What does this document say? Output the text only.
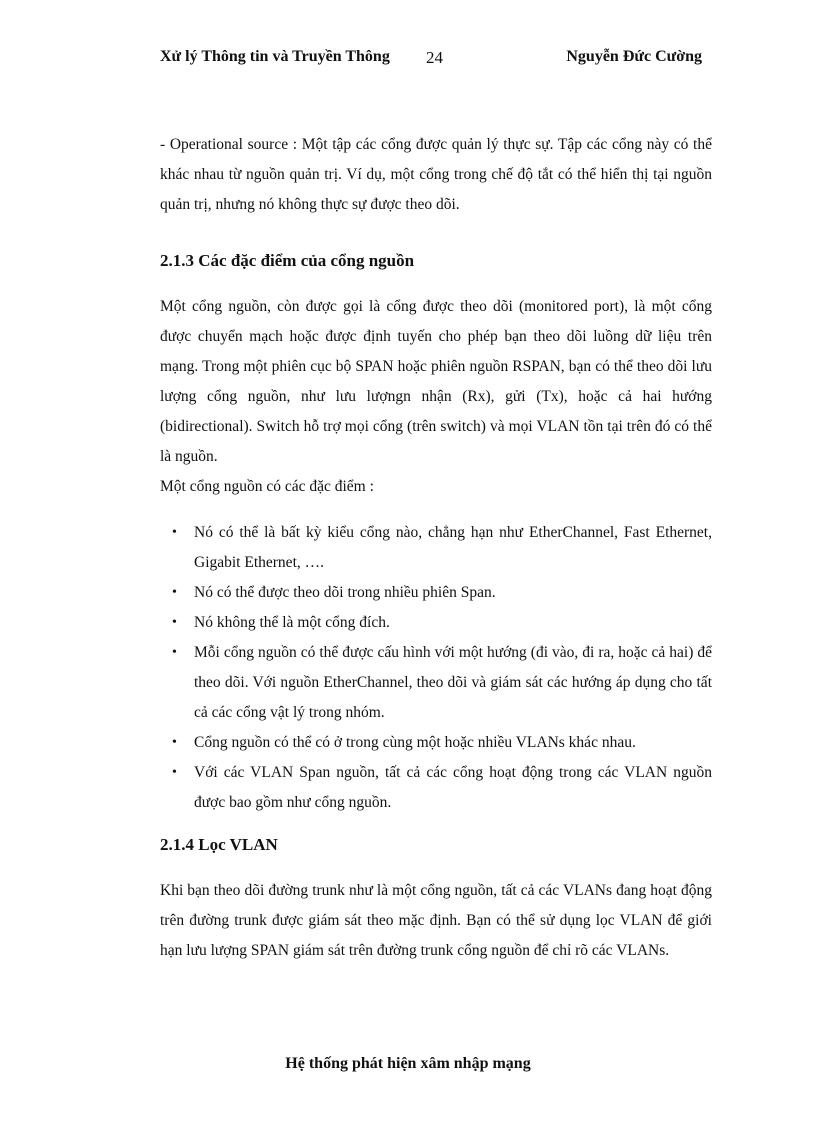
Xử lý Thông tin và Truyền Thông 24	Nguyễn Đức Cường

- Operational source : Một tập các cổng được quản lý thực sự. Tập các cổng này có thể khác nhau từ nguồn quản trị. Ví dụ, một cổng trong chế độ tắt có thể hiển thị tại nguồn quản trị, nhưng nó không thực sự được theo dõi.

2.1.3 Các đặc điểm của cổng nguồn

Một cổng nguồn, còn được gọi là cổng được theo dõi (monitored port), là một cổng được chuyển mạch hoặc được định tuyến cho phép bạn theo dõi luồng dữ liệu trên mạng. Trong một phiên cục bộ SPAN hoặc phiên nguồn RSPAN, bạn có thể theo dõi lưu lượng cổng nguồn, như lưu lượngn nhận (Rx), gửi (Tx), hoặc cả hai hướng (bidirectional). Switch hỗ trợ mọi cổng (trên switch) và mọi VLAN tồn tại trên đó có thể là nguồn.

Một cổng nguồn có các đặc điểm :

• Nó có thể là bất kỳ kiểu cổng nào, chẳng hạn như EtherChannel, Fast Ethernet, Gigabit Ethernet, ….
• Nó có thể được theo dõi trong nhiều phiên Span.
• Nó không thể là một cổng đích.
• Mỗi cổng nguồn có thể được cấu hình với một hướng (đi vào, đi ra, hoặc cả hai) để theo dõi. Với nguồn EtherChannel, theo dõi và giám sát các hướng áp dụng cho tất cả các cổng vật lý trong nhóm.
• Cổng nguồn có thể có ở trong cùng một hoặc nhiều VLANs khác nhau.
• Với các VLAN Span nguồn, tất cả các cổng hoạt động trong các VLAN nguồn được bao gồm như cổng nguồn.
2.1.4 Lọc VLAN

Khi bạn theo dõi đường trunk như là một cổng nguồn, tất cả các VLANs đang hoạt động trên đường trunk được giám sát theo mặc định. Bạn có thể sử dụng lọc VLAN để giới hạn lưu lượng SPAN giám sát trên đường trunk cổng nguồn để chỉ rõ các VLANs.

Hệ thống phát hiện xâm nhập mạng
